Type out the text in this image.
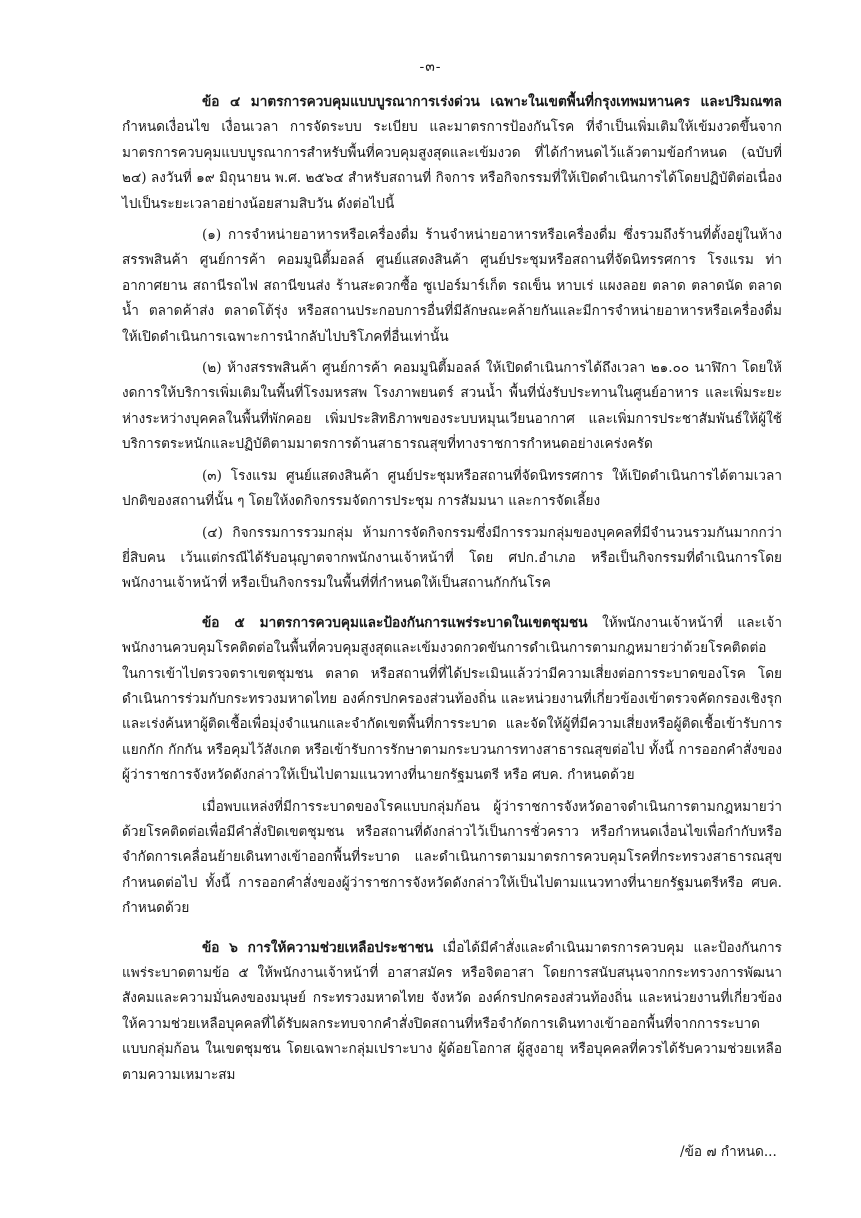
-๓-

ข้อ ๔ มาตรการควบคุมแบบบูรณาการเร่งด่วน เฉพาะในเขตพื้นที่กรุงเทพมหานคร และปริมณฑล กำหนดเงื่อนไข เงื่อนเวลา การจัดระบบ ระเบียบ และมาตรการป้องกันโรค ที่จำเป็นเพิ่มเติมให้เข้มงวดขึ้นจากมาตรการควบคุมแบบบูรณาการสำหรับพื้นที่ควบคุมสูงสุดและเข้มงวด ที่ได้กำหนดไว้แล้วตามข้อกำหนด (ฉบับที่ ๒๔) ลงวันที่ ๑๙ มิถุนายน พ.ศ. ๒๕๖๔ สำหรับสถานที่ กิจการ หรือกิจกรรมที่ให้เปิดดำเนินการได้โดยปฏิบัติต่อเนื่องไปเป็นระยะเวลาอย่างน้อยสามสิบวัน ดังต่อไปนี้

(๑) การจำหน่ายอาหารหรือเครื่องดื่ม ร้านจำหน่ายอาหารหรือเครื่องดื่ม ซึ่งรวมถึงร้านที่ตั้งอยู่ในห้างสรรพสินค้า ศูนย์การค้า คอมมูนิตี้มอลล์ ศูนย์แสดงสินค้า ศูนย์ประชุมหรือสถานที่จัดนิทรรศการ โรงแรม ท่าอากาศยาน สถานีรถไฟ สถานีขนส่ง ร้านสะดวกซื้อ ซูเปอร์มาร์เก็ต รถเข็น หาบเร่ แผงลอย ตลาด ตลาดนัด ตลาดน้ำ ตลาดค้าส่ง ตลาดโต้รุ่ง หรือสถานประกอบการอื่นที่มีลักษณะคล้ายกันและมีการจำหน่ายอาหารหรือเครื่องดื่ม ให้เปิดดำเนินการเฉพาะการนำกลับไปบริโภคที่อื่นเท่านั้น

(๒) ห้างสรรพสินค้า ศูนย์การค้า คอมมูนิตี้มอลล์ ให้เปิดดำเนินการได้ถึงเวลา ๒๑.๐๐ นาฬิกา โดยให้งดการให้บริการเพิ่มเติมในพื้นที่โรงมหรสพ โรงภาพยนตร์ สวนน้ำ พื้นที่นั่งรับประทานในศูนย์อาหาร และเพิ่มระยะห่างระหว่างบุคคลในพื้นที่พักคอย เพิ่มประสิทธิภาพของระบบหมุนเวียนอากาศ และเพิ่มการประชาสัมพันธ์ให้ผู้ใช้บริการตระหนักและปฏิบัติตามมาตรการด้านสาธารณสุขที่ทางราชการกำหนดอย่างเคร่งครัด

(๓) โรงแรม ศูนย์แสดงสินค้า ศูนย์ประชุมหรือสถานที่จัดนิทรรศการ ให้เปิดดำเนินการได้ตามเวลาปกติของสถานที่นั้น ๆ โดยให้งดกิจกรรมจัดการประชุม การสัมมนา และการจัดเลี้ยง

(๔) กิจกรรมการรวมกลุ่ม ห้ามการจัดกิจกรรมซึ่งมีการรวมกลุ่มของบุคคลที่มีจำนวนรวมกันมากกว่ายี่สิบคน เว้นแต่กรณีได้รับอนุญาตจากพนักงานเจ้าหน้าที่ โดย ศปก.อำเภอ หรือเป็นกิจกรรมที่ดำเนินการโดยพนักงานเจ้าหน้าที่ หรือเป็นกิจกรรมในพื้นที่ที่กำหนดให้เป็นสถานกักกันโรค

ข้อ ๕ มาตรการควบคุมและป้องกันการแพร่ระบาดในเขตชุมชน ให้พนักงานเจ้าหน้าที่ และเจ้าพนักงานควบคุมโรคติดต่อในพื้นที่ควบคุมสูงสุดและเข้มงวดกวดขันการดำเนินการตามกฎหมายว่าด้วยโรคติดต่อในการเข้าไปตรวจตราเขตชุมชน ตลาด หรือสถานที่ที่ได้ประเมินแล้วว่ามีความเสี่ยงต่อการระบาดของโรค โดยดำเนินการร่วมกับกระทรวงมหาดไทย องค์กรปกครองส่วนท้องถิ่น และหน่วยงานที่เกี่ยวข้องเข้าตรวจคัดกรองเชิงรุก และเร่งค้นหาผู้ติดเชื้อเพื่อมุ่งจำแนกและจำกัดเขตพื้นที่การระบาด และจัดให้ผู้ที่มีความเสี่ยงหรือผู้ติดเชื้อเข้ารับการแยกกัก กักกัน หรือคุมไว้สังเกต หรือเข้ารับการรักษาตามกระบวนการทางสาธารณสุขต่อไป ทั้งนี้ การออกคำสั่งของผู้ว่าราชการจังหวัดดังกล่าวให้เป็นไปตามแนวทางที่นายกรัฐมนตรี หรือ ศบค. กำหนดด้วย

เมื่อพบแหล่งที่มีการระบาดของโรคแบบกลุ่มก้อน ผู้ว่าราชการจังหวัดอาจดำเนินการตามกฎหมายว่าด้วยโรคติดต่อเพื่อมีคำสั่งปิดเขตชุมชน หรือสถานที่ดังกล่าวไว้เป็นการชั่วคราว หรือกำหนดเงื่อนไขเพื่อกำกับหรือจำกัดการเคลื่อนย้ายเดินทางเข้าออกพื้นที่ระบาด และดำเนินการตามมาตรการควบคุมโรคที่กระทรวงสาธารณสุขกำหนดต่อไป ทั้งนี้ การออกคำสั่งของผู้ว่าราชการจังหวัดดังกล่าวให้เป็นไปตามแนวทางที่นายกรัฐมนตรีหรือ ศบค. กำหนดด้วย

ข้อ ๖ การให้ความช่วยเหลือประชาชน เมื่อได้มีคำสั่งและดำเนินมาตรการควบคุม และป้องกันการแพร่ระบาดตามข้อ ๕ ให้พนักงานเจ้าหน้าที่ อาสาสมัคร หรือจิตอาสา โดยการสนับสนุนจากกระทรวงการพัฒนาสังคมและความมั่นคงของมนุษย์ กระทรวงมหาดไทย จังหวัด องค์กรปกครองส่วนท้องถิ่น และหน่วยงานที่เกี่ยวข้อง ให้ความช่วยเหลือบุคคลที่ได้รับผลกระทบจากคำสั่งปิดสถานที่หรือจำกัดการเดินทางเข้าออกพื้นที่จากการระบาดแบบกลุ่มก้อน ในเขตชุมชน โดยเฉพาะกลุ่มเปราะบาง ผู้ด้อยโอกาส ผู้สูงอายุ หรือบุคคลที่ควรได้รับความช่วยเหลือ ตามความเหมาะสม

/ข้อ ๗ กำหนด...
